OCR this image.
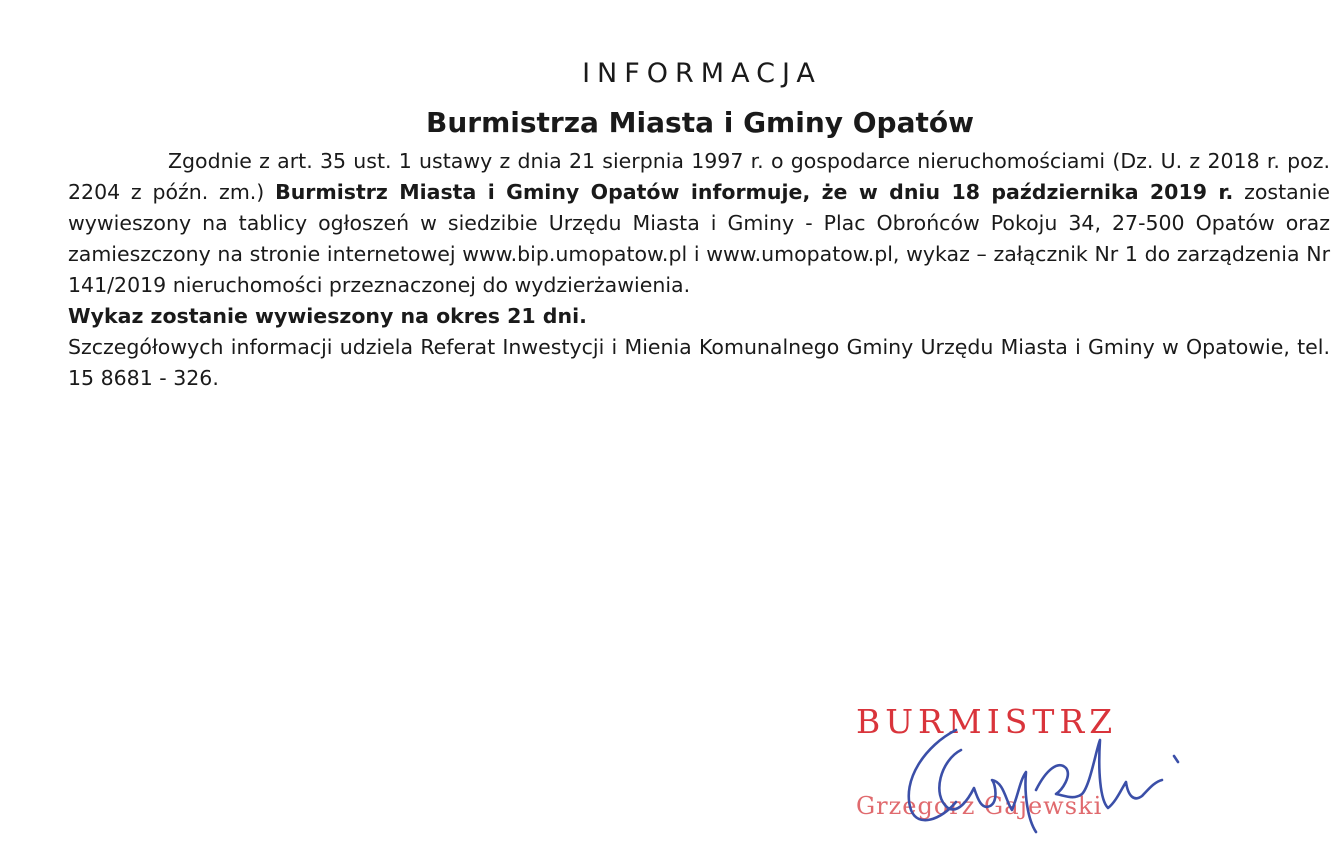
INFORMACJA
Burmistrza Miasta i Gminy Opatów

Zgodnie z art. 35 ust. 1 ustawy z dnia 21 sierpnia 1997 r. o gospodarce nieruchomościami (Dz. U. z 2018 r. poz. 2204 z późn. zm.) Burmistrz Miasta i Gminy Opatów informuje, że w dniu 18 października 2019 r. zostanie wywieszony na tablicy ogłoszeń w siedzibie Urzędu Miasta i Gminy - Plac Obrońców Pokoju 34, 27-500 Opatów oraz zamieszczony na stronie internetowej www.bip.umopatow.pl i www.umopatow.pl, wykaz – załącznik Nr 1 do zarządzenia Nr 141/2019 nieruchomości przeznaczonej do wydzierżawienia.

Wykaz zostanie wywieszony na okres 21 dni.

Szczegółowych informacji udziela Referat Inwestycji i Mienia Komunalnego Gminy Urzędu Miasta i Gminy w Opatowie, tel. 15 8681 - 326.

BURMISTRZ
Grzegorz Gajewski
